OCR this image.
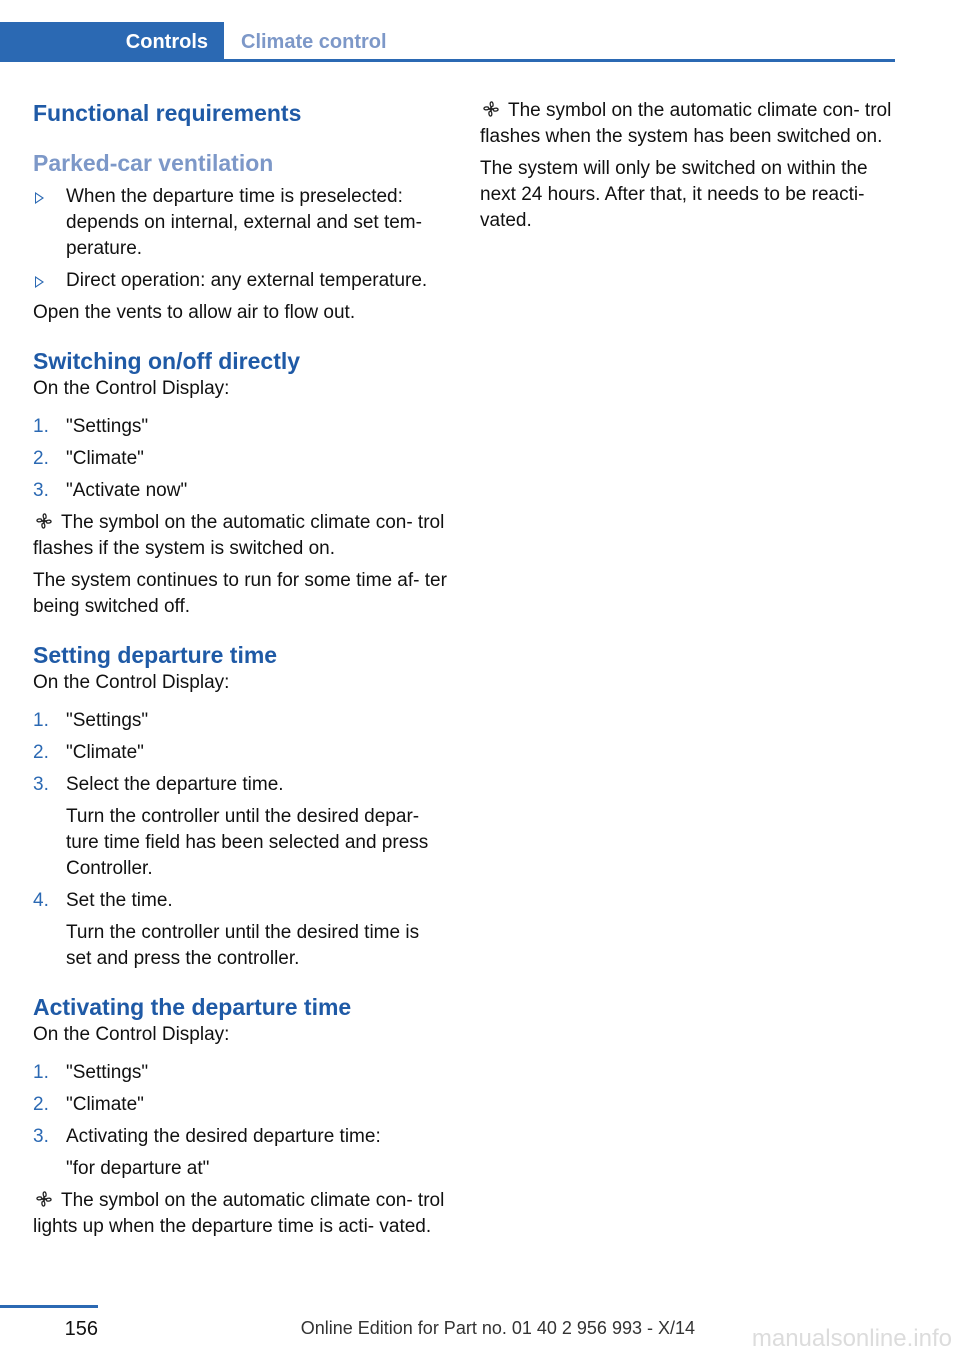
Controls	Climate control
Functional requirements
Parked-car ventilation
When the departure time is preselected: depends on internal, external and set tem- perature.
Direct operation: any external temperature.

Open the vents to allow air to flow out.

Switching on/off directly

On the Control Display:

1. "Settings"
2. "Climate"
3. "Activate now"

The symbol on the automatic climate con- trol flashes if the system is switched on.

The system continues to run for some time af- ter being switched off.

Setting departure time

On the Control Display:

1. "Settings"
2. "Climate"
3. Select the departure time.

Turn the controller until the desired depar- ture time field has been selected and press Controller.

4. Set the time.

Turn the controller until the desired time is set and press the controller.

Activating the departure time

On the Control Display:

1. "Settings"
2. "Climate"
3. Activating the desired departure time:

"for departure at"

The symbol on the automatic climate con- trol lights up when the departure time is acti- vated.

The symbol on the automatic climate con- trol flashes when the system has been switched on.

The system will only be switched on within the next 24 hours. After that, it needs to be reacti- vated.

156	Online Edition for Part no. 01 40 2 956 993 - X/14 manualsonline.info
